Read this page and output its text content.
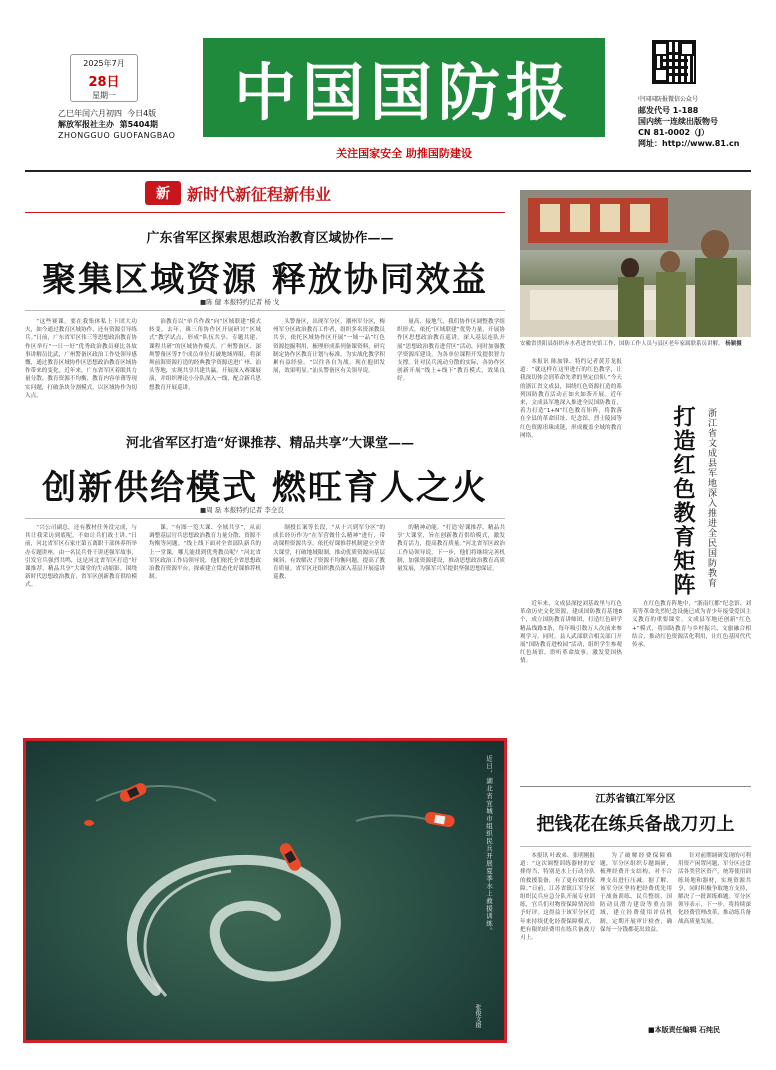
2025年7月
28日
星期一
乙巳年闰六月初四 今日4版
解放军报社主办 第5404期
ZHONGGUO GUOFANGBAO
中国国防报
关注国家安全 助推国防建设
中国国防报微信公众号
邮发代号 1-188
国内统一连续出版物号
CN 81-0002（J）
网址：http://www.81.cn
新	新时代新征程新伟业
广东省军区探索思想政治教育区域协作——
聚集区域资源 释放协同效益
■陈 健 本报特约记者 杨 戈

“这些赛课，要在我集体私上下团大功夫，如今通过教育区域协作，还有资源引导练兵。”日前，广东省军区伟三等思想政治教育协作区举行“一日一好”优秀政治教员赛比各故事讲解员比武，广州警备区政治工作处领导感慨，通过教育区域协作区思想政治教育区域协作带来的变化。近年来，广东省军区着眼其力量分散、教育资源不均衡、教育内容单薄等现实问题，打破条块分割模式，以区域协作为切入点。

治教育以“单兵作战”向“区域联建”模式转变。去年，珠三角协作区开展研讨“区域式”教学试点，形成“队伍共享、专题共建、课程共研”的区域协作模式。广州警备区、深圳警备区等7个成员单位打破地域界限，将深圳前海资源打造的经典教学资源送进广州、汕头等地，实现共享共建共赢。开展深入赛课展演，并组织理论小分队深入一线，配合新兵思想教育开展巡讲。

头警备区，出现军分区，潮州军分区，梅州军分区政治教育工作者，组织多名资深教员共享，依托区域协作区开展“一域一品”红色资源挖掘利用，梳理形成系列备课资料，研究制定协作区教育计划与标准，为实战化教学积累有益经验。“以往各自为战，现在抱团发展，效果明显。”汕头警备区有关领导说。

量高、接地气，我们协作区调整教学组织形式，依托“区域联建”优势力量，开展协作区思想政治教育巡讲，深入基层连队开展“思想政治教育进营区”活动，同时加强教学资源库建设，为各单位课程开发提供智力支撑。针对民兵流动分散的实际，各协作区创新开展“线上+线下”教育模式，效果良好。

河北省军区打造“好课推荐、精品共享”大课堂——
创新供给模式 燃旺育人之火
■周 磊 本报特约记者 李全良

“兴公司副总，还有教材任务没完成，与其让我采访到底呢，不如让兵们战士讲。”日前，河北省军区石家庄第五离职干部休养所举办专题讲座，由一名民兵骨干讲述强军故事，引发官兵强烈共鸣，这是河北省军区打造“好课推荐、精品共享”大课堂的生动缩影。围绕新时代思想政治教育，省军区创新教育供给模式。

课，“有图一览大课、全域共享”，从而调整基层官兵思想政治教育力量分散、资源不均衡等问题。“线上线下面对全省部队新兵的上一堂课，哪儿能找到优秀教员呢？”河北省军区政治工作局领导说，他们依托全省思想政治教育资源平台，探索建立常态化好课推荐机制。

制授长案等长段，“从十兴到军分区”的成长经历作为“在军营做什么精神”进行，带动课程资源共享。依托好课推荐机制建立全省大课堂，打破地域限制，推动优质资源向基层倾斜，有效解决了资源不均衡问题，提高了教育质量。省军区还组织教员深入基层开展巡讲巡教。

的精神动能。“打造‘好课推荐、精品共享’大课堂，旨在创新教育供给模式，激发教育活力，提高教育质量。”河北省军区政治工作局领导说，下一步，他们将继续完善机制，加强资源建设，推动思想政治教育高质量发展，为强军兴军提供坚强思想保证。

安徽省贵阳县组织赤水者进省史馆工作，国防工作人员与县区老年家属联系员讲解。 杨颖摄

本报讯 陈加锋、特约记者黄芳龙报道：“就这样在这里进行的红色教学，让我深切体会到革命先辈的坚定信仰。”今天的浙江省文成县，围绕红色资源打造的系列国防教育活动正如火如荼开展。近年来，文成县军地深入推进全民国防教育，着力打造“1+N”红色教育矩阵，将散落在全县的革命旧址、纪念馆、烈士陵园等红色资源串珠成链，形成覆盖全域的教育网络。

近年来，文成县深挖刘基故里与红色革命历史文化资源，建成国防教育基地8个，成立国防教育讲师团，打造红色研学精品线路3条，每年吸引数万人次前来参观学习。同时，县人武部联合相关部门开展“国防教育进校园”活动，组织学生参观红色场馆，聆听革命故事，激发爱国热情。

在红色教育阵地中，“浙南红都”纪念馆、刘英等革命先烈纪念设施已成为青少年接受爱国主义教育的重要课堂。文成县军地还创新“红色+”模式，将国防教育与乡村振兴、文旅融合相结合，推动红色资源活化利用，让红色基因代代传承。

打造红色教育矩阵	浙江省文成县军地深入推进全民国防教育
江苏省镇江军分区
把钱花在练兵备战刀刃上

本报讯 叶政弟、张明刚报道：“这次调整训练器材的安排得当，特别是水上行动分队的救援装备，有了更有效的保障。”日前，江苏省镇江军分区组织民兵应急分队开展专业训练，官兵们对物资保障情况给予好评。这得益于该军分区近年来持续优化经费保障模式，把有限的经费用在练兵备战刀刃上。

为了破解经费保障难题，军分区组织专题调研，梳理经费开支结构，对不合理支出进行压减。据了解，该军分区坚持把经费优先用于战备训练、民兵整组、国防动员潜力建设等重点领域，建立经费使用评估机制，定期开展审计检查，确保每一分钱都花出效益。

针对前期调研发现的可利用资产闲置问题，军分区还盘活各类营区资产，统筹使用训练场地和器材，实现资源共享，同时积极争取地方支持，解决了一批训练难题。军分区领导表示，下一步，将持续深化经费管理改革，推动练兵备战高质量发展。

■本版责任编辑 石纯民
近日，湖北省宜城市组织民兵开展夏季水上救援训练。
张俊文摄
